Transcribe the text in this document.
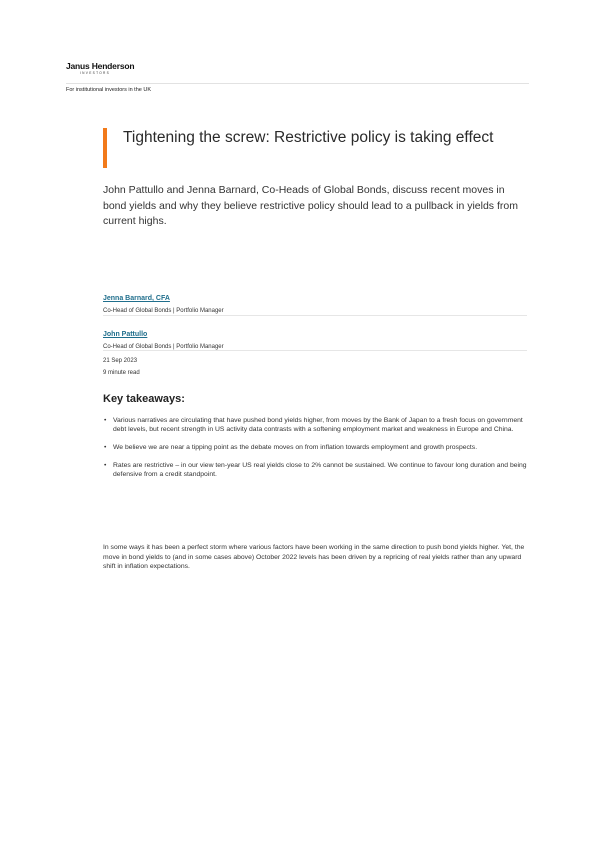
Janus Henderson
INVESTORS
For institutional investors in the UK
Tightening the screw: Restrictive policy is taking effect

John Pattullo and Jenna Barnard, Co-Heads of Global Bonds, discuss recent moves in bond yields and why they believe restrictive policy should lead to a pullback in yields from current highs.

Jenna Barnard, CFA
Co-Head of Global Bonds | Portfolio Manager
John Pattullo
Co-Head of Global Bonds | Portfolio Manager
21 Sep 2023
9 minute read
Key takeaways:
• Various narratives are circulating that have pushed bond yields higher, from moves by the Bank of Japan to a fresh focus on government debt levels, but recent strength in US activity data contrasts with a softening employment market and weakness in Europe and China.
• We believe we are near a tipping point as the debate moves on from inflation towards employment and growth prospects.
• Rates are restrictive – in our view ten-year US real yields close to 2% cannot be sustained. We continue to favour long duration and being defensive from a credit standpoint.

In some ways it has been a perfect storm where various factors have been working in the same direction to push bond yields higher. Yet, the move in bond yields to (and in some cases above) October 2022 levels has been driven by a repricing of real yields rather than any upward shift in inflation expectations.
